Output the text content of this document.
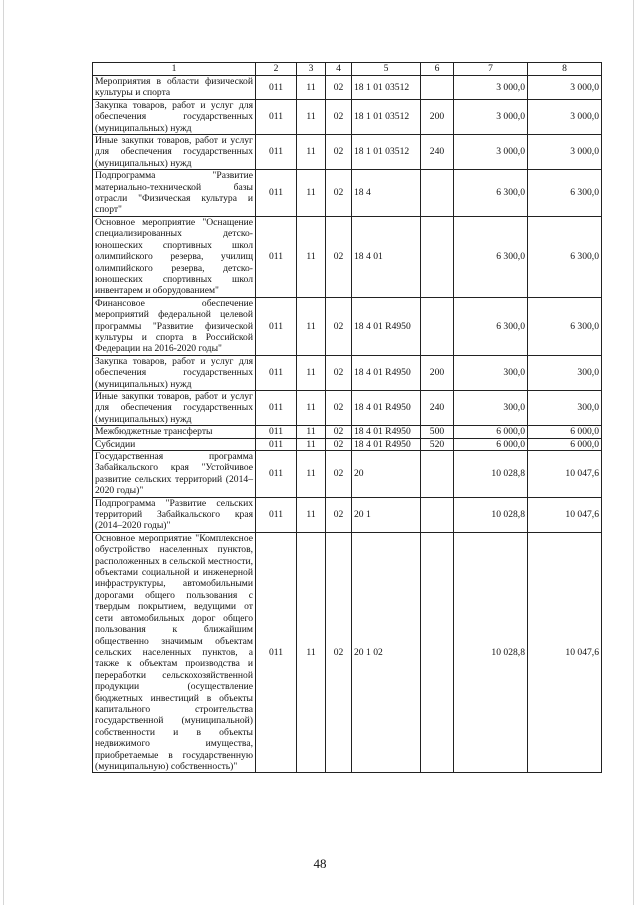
1	2	3	4	5	6	7	8
Мероприятия в области физической культуры и спорта	011	11	02	18 1 01 03512		3 000,0	3 000,0
Закупка товаров, работ и услуг для обеспечения государственных (муниципальных) нужд	011	11	02	18 1 01 03512	200	3 000,0	3 000,0
Иные закупки товаров, работ и услуг для обеспечения государственных (муниципальных) нужд	011	11	02	18 1 01 03512	240	3 000,0	3 000,0
Подпрограмма "Развитие материально-технической базы отрасли "Физическая культура и спорт"	011	11	02	18 4		6 300,0	6 300,0
Основное мероприятие "Оснащение специализированных детско-юношеских спортивных школ олимпийского резерва, училищ олимпийского резерва, детско-юношеских спортивных школ инвентарем и оборудованием"	011	11	02	18 4 01		6 300,0	6 300,0
Финансовое обеспечение мероприятий федеральной целевой программы "Развитие физической культуры и спорта в Российской Федерации на 2016-2020 годы"	011	11	02	18 4 01 R4950		6 300,0	6 300,0
Закупка товаров, работ и услуг для обеспечения государственных (муниципальных) нужд	011	11	02	18 4 01 R4950	200	300,0	300,0
Иные закупки товаров, работ и услуг для обеспечения государственных (муниципальных) нужд	011	11	02	18 4 01 R4950	240	300,0	300,0
Межбюджетные трансферты	011	11	02	18 4 01 R4950	500	6 000,0	6 000,0
Субсидии	011	11	02	18 4 01 R4950	520	6 000,0	6 000,0
Государственная программа Забайкальского края "Устойчивое развитие сельских территорий (2014–2020 годы)"	011	11	02	20		10 028,8	10 047,6
Подпрограмма "Развитие сельских территорий Забайкальского края (2014–2020 годы)"	011	11	02	20 1		10 028,8	10 047,6
Основное мероприятие "Комплексное обустройство населенных пунктов, расположенных в сельской местности, объектами социальной и инженерной инфраструктуры, автомобильными дорогами общего пользования с твердым покрытием, ведущими от сети автомобильных дорог общего пользования к ближайшим общественно значимым объектам сельских населенных пунктов, а также к объектам производства и переработки сельскохозяйственной продукции (осуществление бюджетных инвестиций в объекты капитального строительства государственной (муниципальной) собственности и в объекты недвижимого имущества, приобретаемые в государственную (муниципальную) собственность)"	011	11	02	20 1 02		10 028,8	10 047,6
48
